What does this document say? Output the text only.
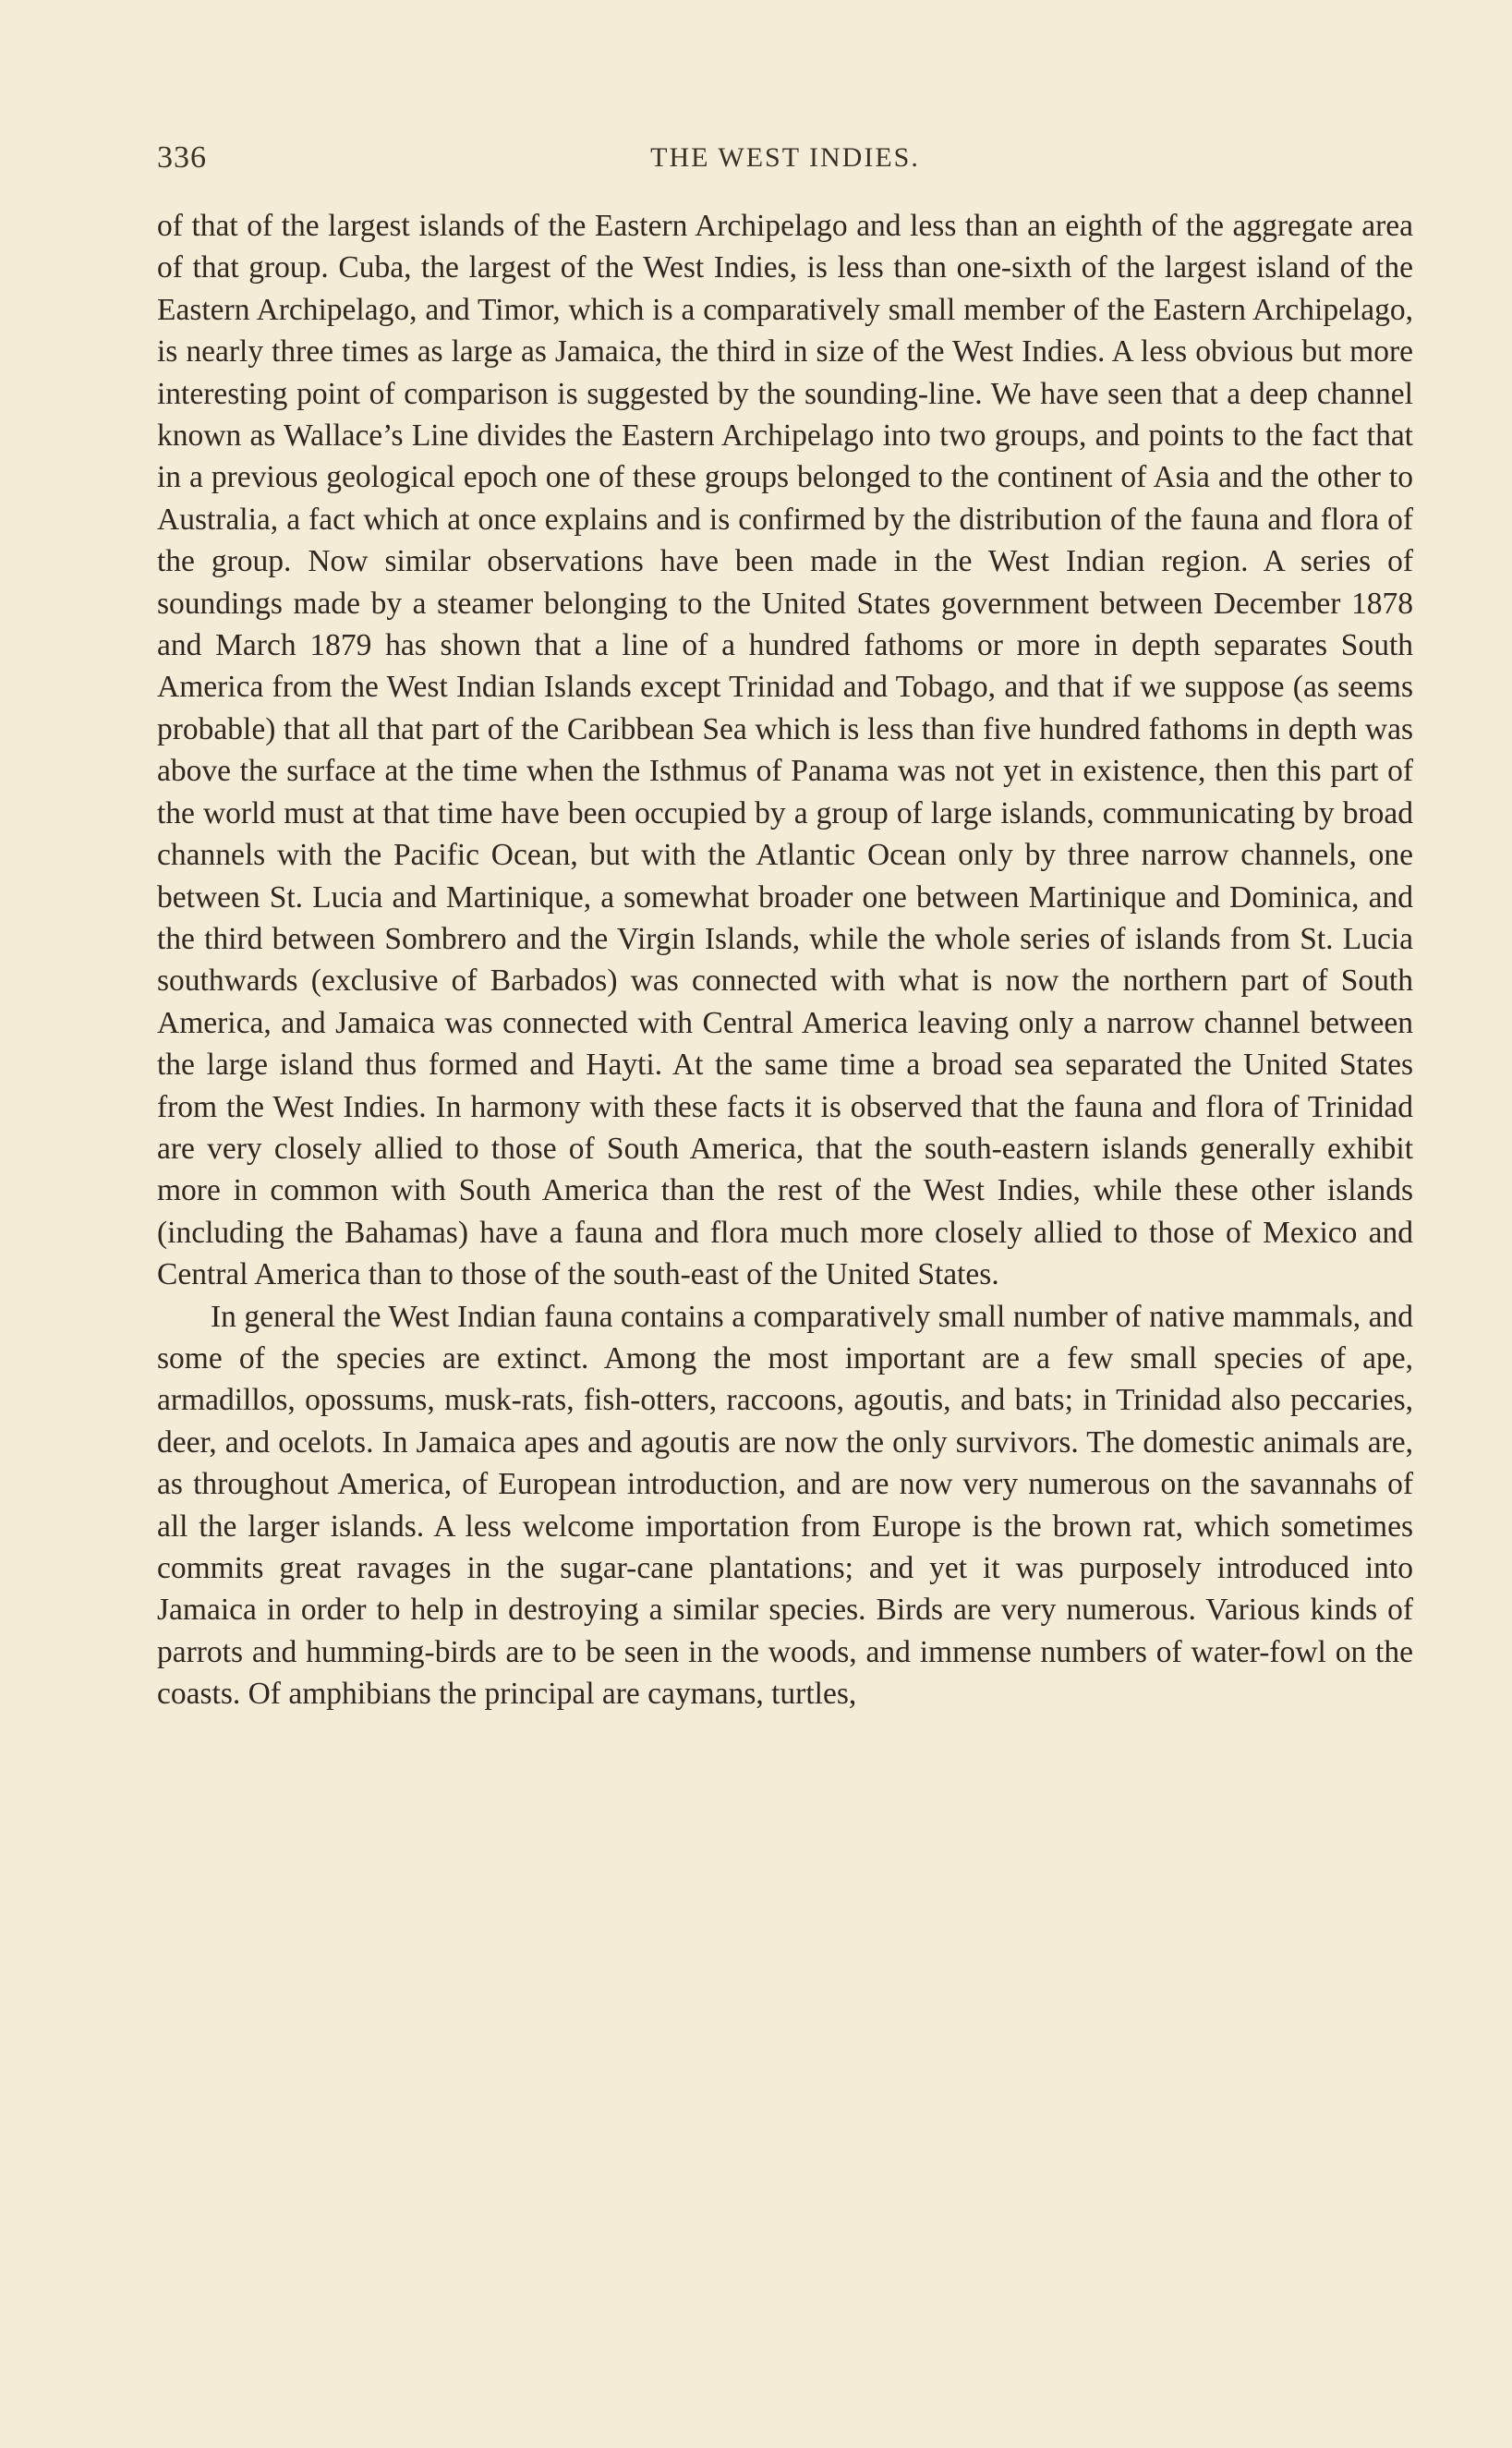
336	THE WEST INDIES.

of that of the largest islands of the Eastern Archipelago and less than an eighth of the aggregate area of that group. Cuba, the largest of the West Indies, is less than one-sixth of the largest island of the Eastern Archipelago, and Timor, which is a comparatively small member of the Eastern Archipelago, is nearly three times as large as Jamaica, the third in size of the West Indies. A less obvious but more interesting point of comparison is suggested by the sounding-line. We have seen that a deep channel known as Wallace’s Line divides the Eastern Archipelago into two groups, and points to the fact that in a previous geological epoch one of these groups belonged to the continent of Asia and the other to Australia, a fact which at once explains and is confirmed by the distribution of the fauna and flora of the group. Now similar observations have been made in the West Indian region. A series of soundings made by a steamer belonging to the United States government between December 1878 and March 1879 has shown that a line of a hundred fathoms or more in depth separates South America from the West Indian Islands except Trinidad and Tobago, and that if we suppose (as seems probable) that all that part of the Caribbean Sea which is less than five hundred fathoms in depth was above the surface at the time when the Isthmus of Panama was not yet in existence, then this part of the world must at that time have been occupied by a group of large islands, communicating by broad channels with the Pacific Ocean, but with the Atlantic Ocean only by three narrow channels, one between St. Lucia and Martinique, a somewhat broader one between Martinique and Dominica, and the third between Sombrero and the Virgin Islands, while the whole series of islands from St. Lucia southwards (exclusive of Barbados) was connected with what is now the northern part of South America, and Jamaica was connected with Central America leaving only a narrow channel between the large island thus formed and Hayti. At the same time a broad sea separated the United States from the West Indies. In harmony with these facts it is observed that the fauna and flora of Trinidad are very closely allied to those of South America, that the south-eastern islands generally exhibit more in common with South America than the rest of the West Indies, while these other islands (including the Bahamas) have a fauna and flora much more closely allied to those of Mexico and Central America than to those of the south-east of the United States.

In general the West Indian fauna contains a comparatively small number of native mammals, and some of the species are extinct. Among the most important are a few small species of ape, armadillos, opossums, musk-rats, fish-otters, raccoons, agoutis, and bats; in Trinidad also peccaries, deer, and ocelots. In Jamaica apes and agoutis are now the only survivors. The domestic animals are, as throughout America, of European introduction, and are now very numerous on the savannahs of all the larger islands. A less welcome importation from Europe is the brown rat, which sometimes commits great ravages in the sugar-cane plantations; and yet it was purposely introduced into Jamaica in order to help in destroying a similar species. Birds are very numerous. Various kinds of parrots and humming-birds are to be seen in the woods, and immense numbers of water-fowl on the coasts. Of amphibians the principal are caymans, turtles,
